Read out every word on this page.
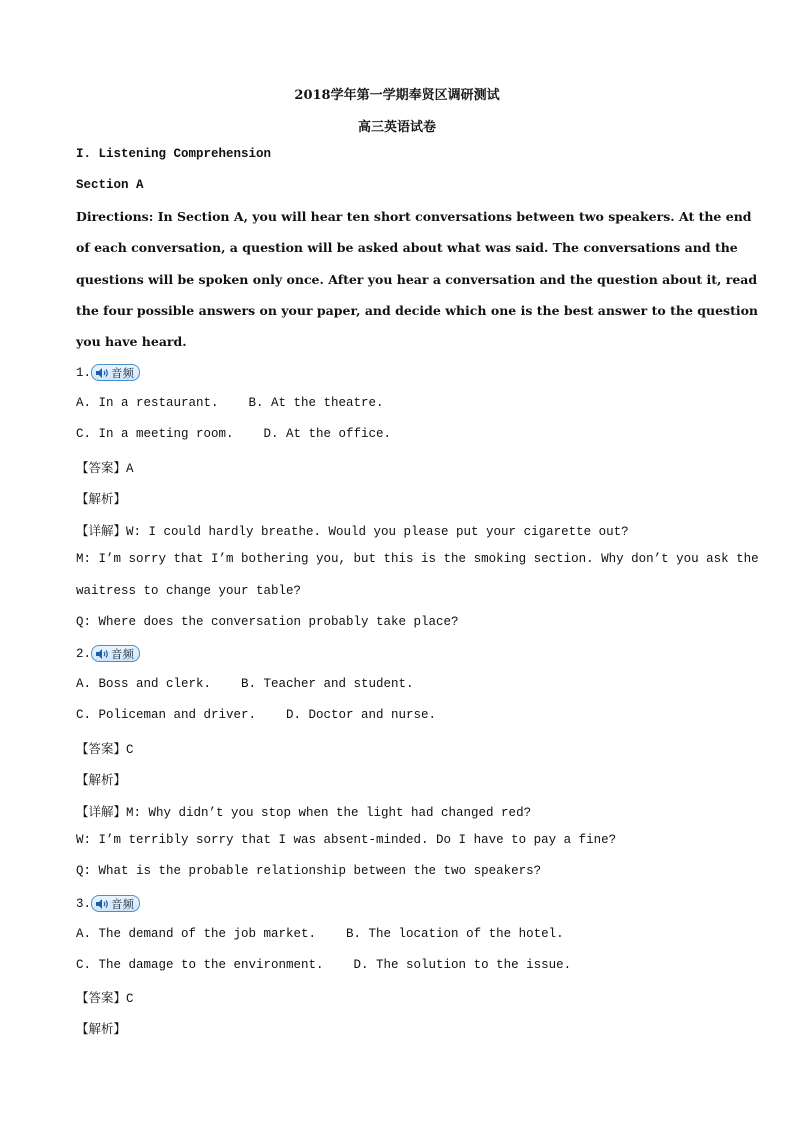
2018学年第一学期奉贤区调研测试
高三英语试卷
I. Listening Comprehension
Section A
Directions: In Section A, you will hear ten short conversations between two speakers. At the end
of each conversation, a question will be asked about what was said. The conversations and the
questions will be spoken only once. After you hear a conversation and the question about it, read
the four possible answers on your paper, and decide which one is the best answer to the question
you have heard.
1. 音频
A. In a restaurant.    B. At the theatre.
C. In a meeting room.    D. At the office.
【答案】A
【解析】
【详解】W: I could hardly breathe. Would you please put your cigarette out?
M: I’m sorry that I’m bothering you, but this is the smoking section. Why don’t you ask the
waitress to change your table?
Q: Where does the conversation probably take place?
2. 音频
A. Boss and clerk.    B. Teacher and student.
C. Policeman and driver.    D. Doctor and nurse.
【答案】C
【解析】
【详解】M: Why didn’t you stop when the light had changed red?
W: I’m terribly sorry that I was absent-minded. Do I have to pay a fine?
Q: What is the probable relationship between the two speakers?
3. 音频
A. The demand of the job market.    B. The location of the hotel.
C. The damage to the environment.    D. The solution to the issue.
【答案】C
【解析】
